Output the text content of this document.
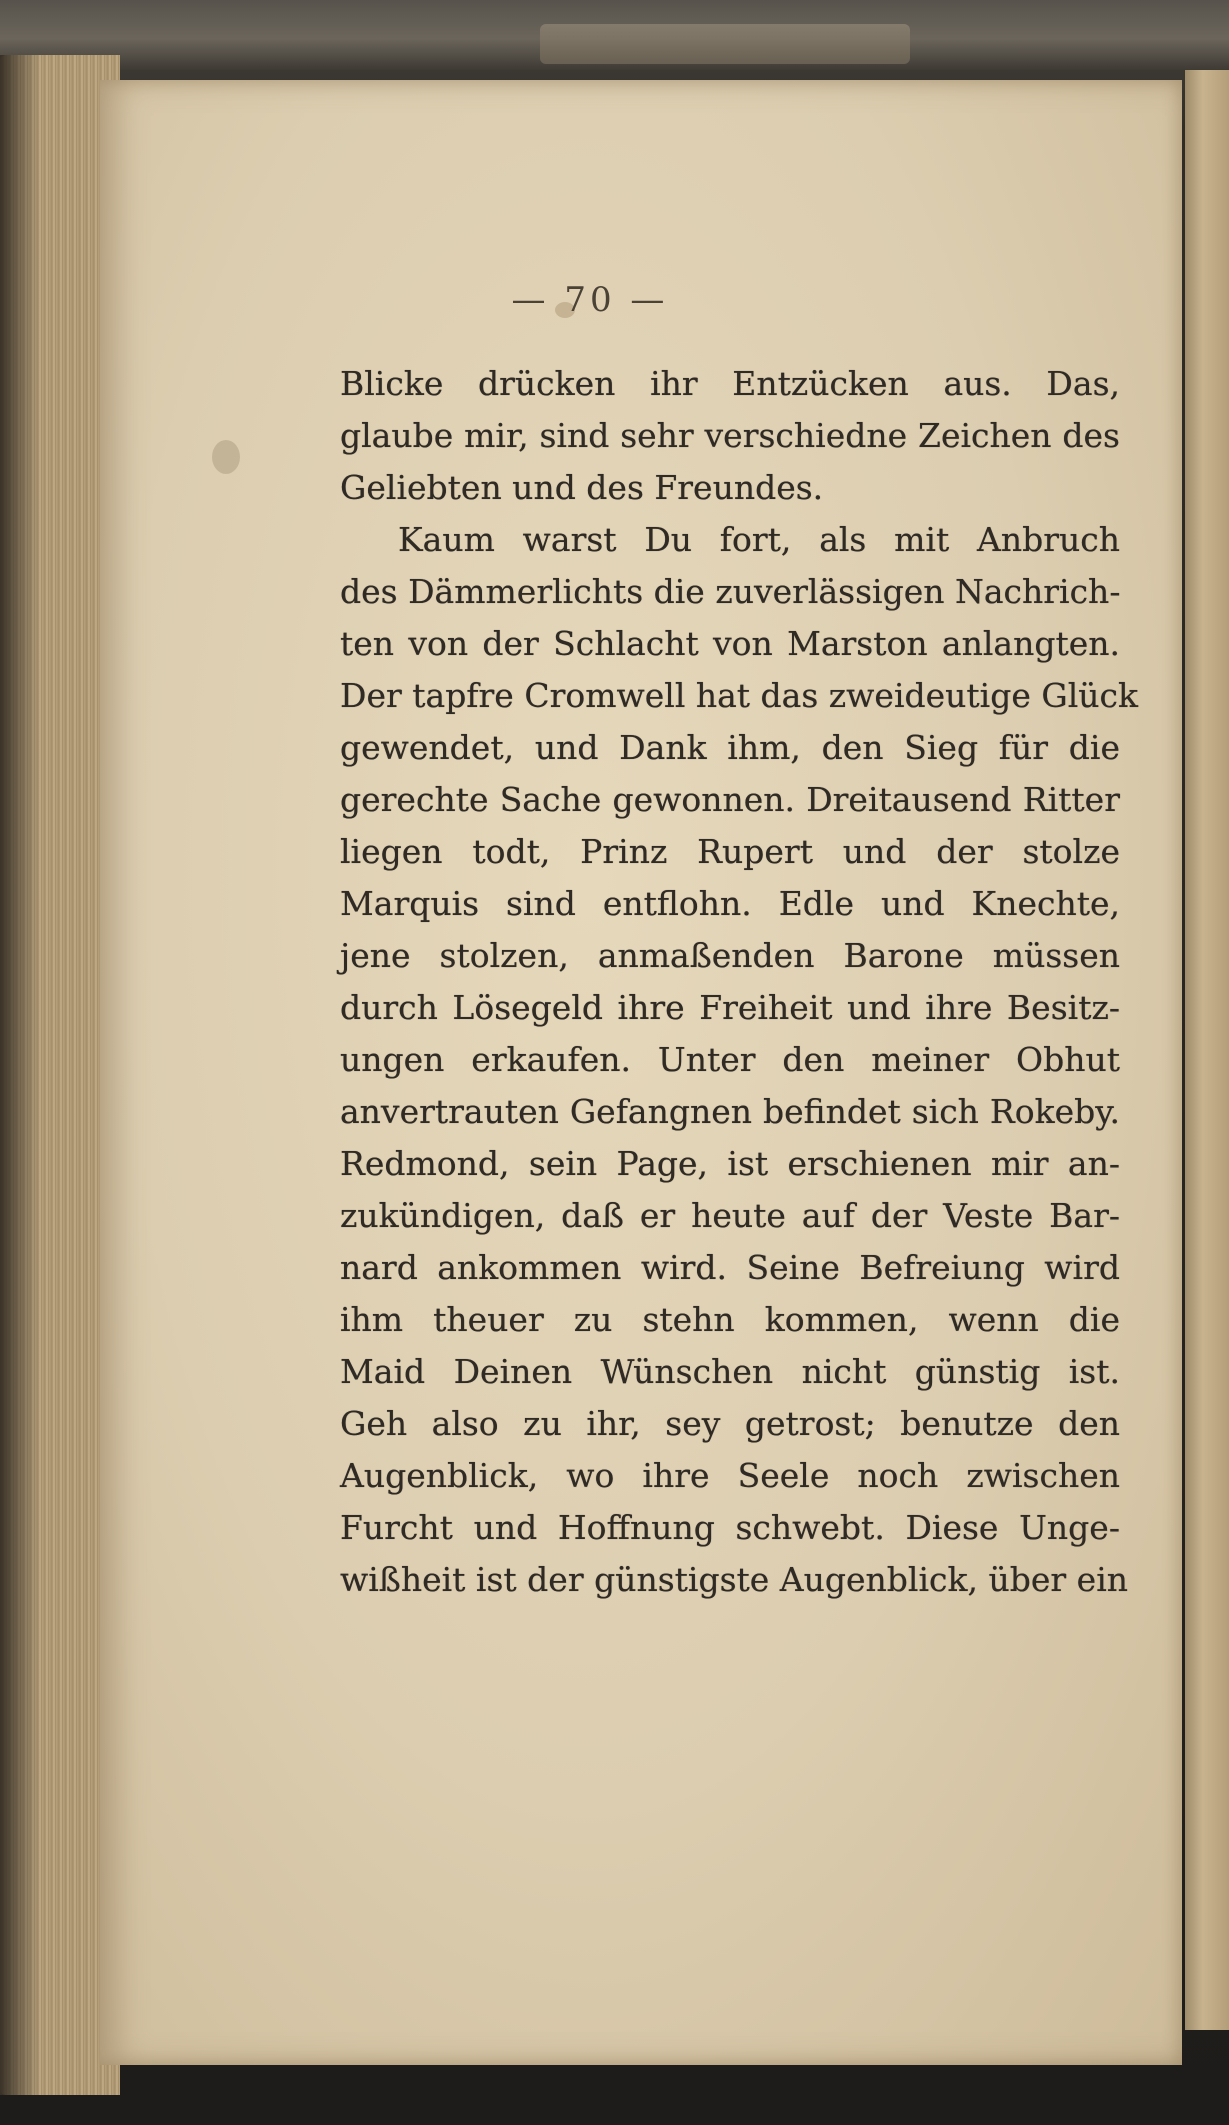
— 70 —
Blicke drücken ihr Entzücken aus. Das,
glaube mir, sind sehr verschiedne Zeichen des
Geliebten und des Freundes.
Kaum warst Du fort, als mit Anbruch
des Dämmerlichts die zuverlässigen Nachrich-
ten von der Schlacht von Marston anlangten.
Der tapfre Cromwell hat das zweideutige Glück
gewendet, und Dank ihm, den Sieg für die
gerechte Sache gewonnen. Dreitausend Ritter
liegen todt, Prinz Rupert und der stolze
Marquis sind entflohn. Edle und Knechte,
jene stolzen, anmaßenden Barone müssen
durch Lösegeld ihre Freiheit und ihre Besitz-
ungen erkaufen. Unter den meiner Obhut
anvertrauten Gefangnen befindet sich Rokeby.
Redmond, sein Page, ist erschienen mir an-
zukündigen, daß er heute auf der Veste Bar-
nard ankommen wird. Seine Befreiung wird
ihm theuer zu stehn kommen, wenn die
Maid Deinen Wünschen nicht günstig ist.
Geh also zu ihr, sey getrost; benutze den
Augenblick, wo ihre Seele noch zwischen
Furcht und Hoffnung schwebt. Diese Unge-
wißheit ist der günstigste Augenblick, über ein
